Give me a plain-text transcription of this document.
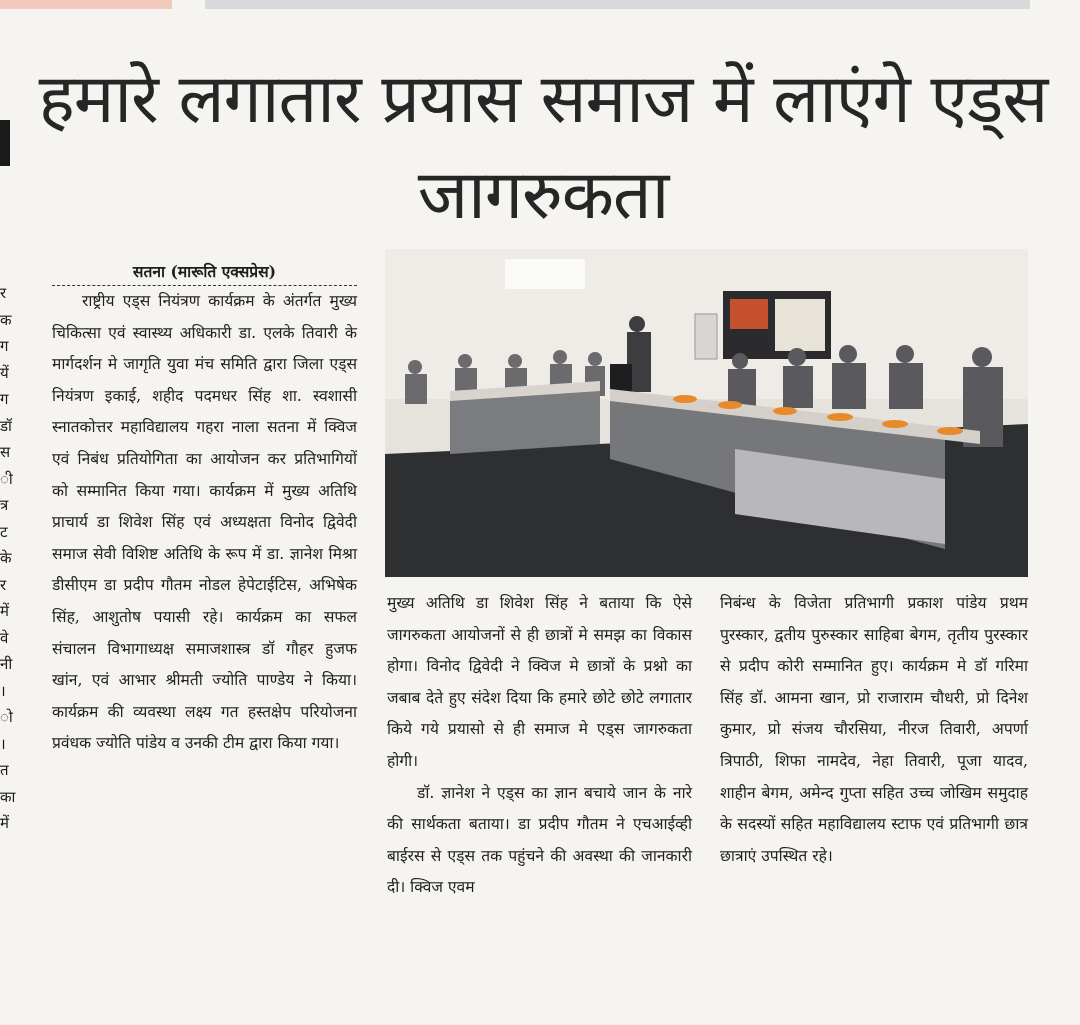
र
क
ग
यें
ग
डॉ
स
ी
त्र
ट
के
र
में
वे
नी
।
ो
।
त
का
में
हमारे लगातार प्रयास समाज में लाएंगे एड्स जागरुकता

सतना (मारूति एक्सप्रेस)

राष्ट्रीय एड्स नियंत्रण कार्यक्रम के अंतर्गत मुख्य चिकित्सा एवं स्वास्थ्य अधिकारी डा. एलके तिवारी के मार्गदर्शन मे जागृति युवा मंच समिति द्वारा जिला एड्स नियंत्रण इकाई, शहीद पदमधर सिंह शा. स्वशासी स्नातकोत्तर महाविद्यालय गहरा नाला सतना में क्विज एवं निबंध प्रतियोगिता का आयोजन कर प्रतिभागियों को सम्मानित किया गया। कार्यक्रम में मुख्य अतिथि प्राचार्य डा शिवेश सिंह एवं अध्यक्षता विनोद द्विवेदी समाज सेवी विशिष्ट अतिथि के रूप में डा. ज्ञानेश मिश्रा डीसीएम डा प्रदीप गौतम नोडल हेपेटाईटिस, अभिषेक सिंह, आशुतोष पयासी रहे। कार्यक्रम का सफल संचालन विभागाध्यक्ष समाजशास्त्र डॉ गौहर हुजफ खांन, एवं आभार श्रीमती ज्योति पाण्डेय ने किया। कार्यक्रम की व्यवस्था लक्ष्य गत हस्तक्षेप परियोजना प्रवंधक ज्योति पांडेय व उनकी टीम द्वारा किया गया।

मुख्य अतिथि डा शिवेश सिंह ने बताया कि ऐसे जागरुकता आयोजनों से ही छात्रों मे समझ का विकास होगा। विनोद द्विवेदी ने क्विज मे छात्रों के प्रश्नो का जबाब देते हुए संदेश दिया कि हमारे छोटे छोटे लगातार किये गये प्रयासो से ही समाज मे एड्स जागरुकता होगी।

डॉ. ज्ञानेश ने एड्स का ज्ञान बचाये जान के नारे की सार्थकता बताया। डा प्रदीप गौतम ने एचआईव्ही बाईरस से एड्स तक पहुंचने की अवस्था की जानकारी दी। क्विज एवम

निबंन्ध के विजेता प्रतिभागी प्रकाश पांडेय प्रथम पुरस्कार, द्वतीय पुरुस्कार साहिबा बेगम, तृतीय पुरस्कार से प्रदीप कोरी सम्मानित हुए। कार्यक्रम मे डॉ गरिमा सिंह डॉ. आमना खान, प्रो राजाराम चौधरी, प्रो दिनेश कुमार, प्रो संजय चौरसिया, नीरज तिवारी, अपर्णा त्रिपाठी, शिफा नामदेव, नेहा तिवारी, पूजा यादव, शाहीन बेगम, अमेन्द गुप्ता सहित उच्च जोखिम समुदाह के सदस्यों सहित महाविद्यालय स्टाफ एवं प्रतिभागी छात्र छात्राएं उपस्थित रहे।
